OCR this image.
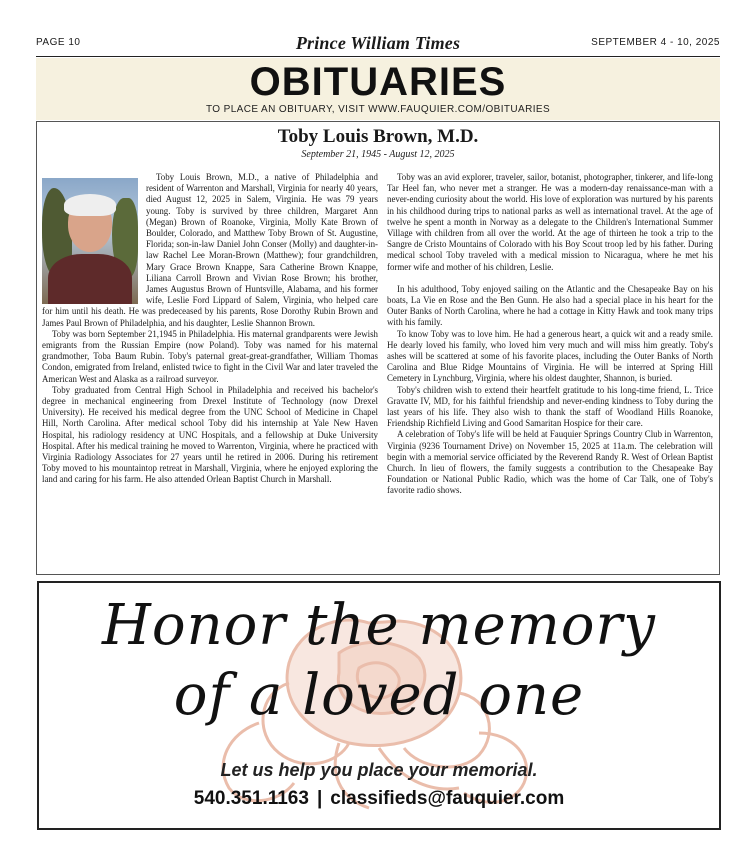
PAGE 10	Prince William Times	SEPTEMBER 4 - 10, 2025
OBITUARIES
TO PLACE AN OBITUARY, VISIT WWW.FAUQUIER.COM/OBITUARIES
Toby Louis Brown, M.D.
September 21, 1945 - August 12, 2025

Toby Louis Brown, M.D., a native of Philadelphia and resident of Warrenton and Marshall, Virginia for nearly 40 years, died August 12, 2025 in Salem, Virginia. He was 79 years young. Toby is survived by three children, Margaret Ann (Megan) Brown of Roanoke, Virginia, Molly Kate Brown of Boulder, Colorado, and Matthew Toby Brown of St. Augustine, Florida; son-in-law Daniel John Conser (Molly) and daughter-in-law Rachel Lee Moran-Brown (Matthew); four grandchildren, Mary Grace Brown Knappe, Sara Catherine Brown Knappe, Liliana Carroll Brown and Vivian Rose Brown; his brother, James Augustus Brown of Huntsville, Alabama, and his former wife, Leslie Ford Lippard of Salem, Virginia, who helped care for him until his death. He was predeceased by his parents, Rose Dorothy Rubin Brown and James Paul Brown of Philadelphia, and his daughter, Leslie Shannon Brown.

Toby was born September 21,1945 in Philadelphia. His maternal grandparents were Jewish emigrants from the Russian Empire (now Poland). Toby was named for his maternal grandmother, Toba Baum Rubin. Toby's paternal great-great-grandfather, William Thomas Condon, emigrated from Ireland, enlisted twice to fight in the Civil War and later traveled the American West and Alaska as a railroad surveyor.

Toby graduated from Central High School in Philadelphia and received his bachelor's degree in mechanical engineering from Drexel Institute of Technology (now Drexel University). He received his medical degree from the UNC School of Medicine in Chapel Hill, North Carolina. After medical school Toby did his internship at Yale New Haven Hospital, his radiology residency at UNC Hospitals, and a fellowship at Duke University Hospital. After his medical training he moved to Warrenton, Virginia, where he practiced with Virginia Radiology Associates for 27 years until he retired in 2006. During his retirement Toby moved to his mountaintop retreat in Marshall, Virginia, where he enjoyed exploring the land and caring for his farm. He also attended Orlean Baptist Church in Marshall.

Toby was an avid explorer, traveler, sailor, botanist, photographer, tinkerer, and life-long Tar Heel fan, who never met a stranger. He was a modern-day renaissance-man with a never-ending curiosity about the world. His love of exploration was nurtured by his parents in his childhood during trips to national parks as well as international travel. At the age of twelve he spent a month in Norway as a delegate to the Children's International Summer Village with children from all over the world. At the age of thirteen he took a trip to the Sangre de Cristo Mountains of Colorado with his Boy Scout troop led by his father. During medical school Toby traveled with a medical mission to Nicaragua, where he met his former wife and mother of his children, Leslie.

In his adulthood, Toby enjoyed sailing on the Atlantic and the Chesapeake Bay on his boats, La Vie en Rose and the Ben Gunn. He also had a special place in his heart for the Outer Banks of North Carolina, where he had a cottage in Kitty Hawk and took many trips with his family.

To know Toby was to love him. He had a generous heart, a quick wit and a ready smile. He dearly loved his family, who loved him very much and will miss him greatly. Toby's ashes will be scattered at some of his favorite places, including the Outer Banks of North Carolina and Blue Ridge Mountains of Virginia. He will be interred at Spring Hill Cemetery in Lynchburg, Virginia, where his oldest daughter, Shannon, is buried.

Toby's children wish to extend their heartfelt gratitude to his long-time friend, L. Trice Gravatte IV, MD, for his faithful friendship and never-ending kindness to Toby during the last years of his life. They also wish to thank the staff of Woodland Hills Roanoke, Friendship Richfield Living and Good Samaritan Hospice for their care.

A celebration of Toby's life will be held at Fauquier Springs Country Club in Warrenton, Virginia (9236 Tournament Drive) on November 15, 2025 at 11a.m. The celebration will begin with a memorial service officiated by the Reverend Randy R. West of Orlean Baptist Church. In lieu of flowers, the family suggests a contribution to the Chesapeake Bay Foundation or National Public Radio, which was the home of Car Talk, one of Toby's favorite radio shows.

Honor the memory
of a loved one
Let us help you place your memorial.
540.351.1163 | classifieds@fauquier.com
